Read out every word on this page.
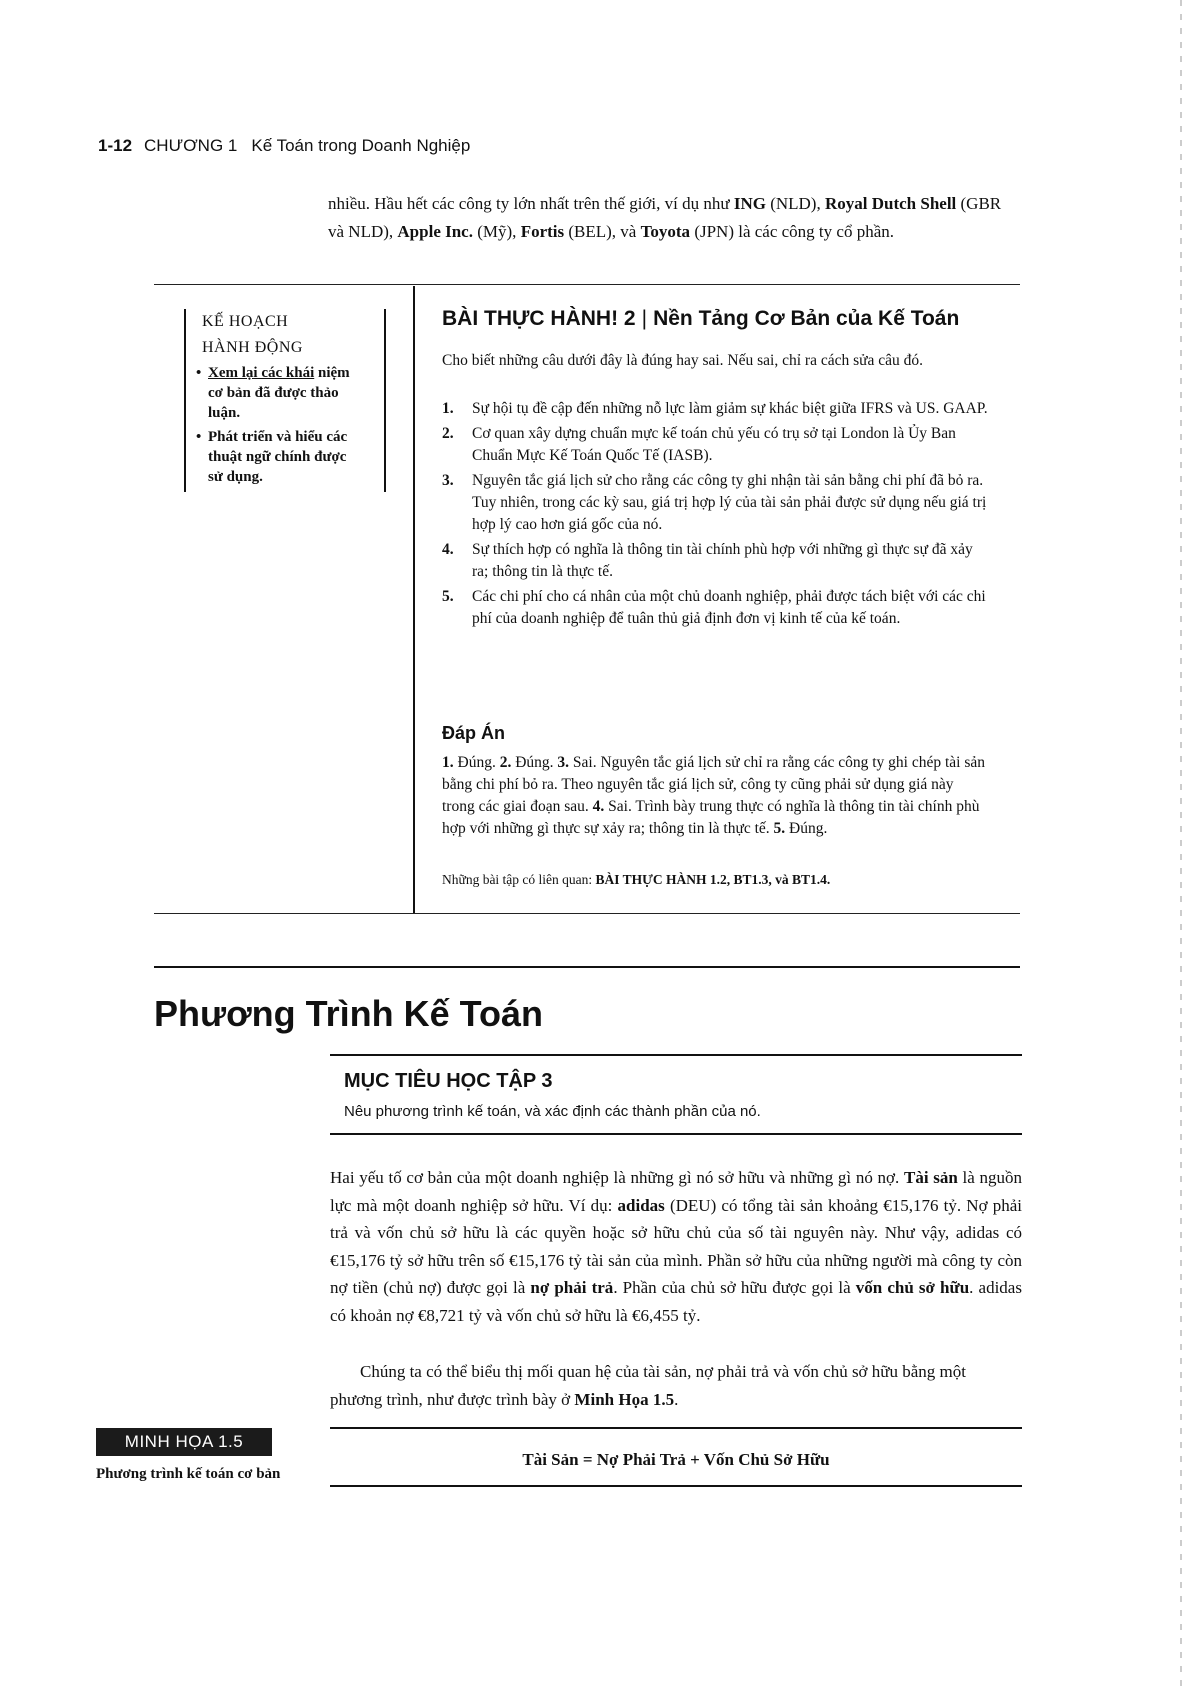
1-12 CHƯƠNG 1 Kế Toán trong Doanh Nghiệp

nhiều. Hầu hết các công ty lớn nhất trên thế giới, ví dụ như ING (NLD), Royal Dutch Shell (GBR và NLD), Apple Inc. (Mỹ), Fortis (BEL), và Toyota (JPN) là các công ty cổ phần.

KẾ HOẠCH HÀNH ĐỘNG
• Xem lại các khái niệm cơ bản đã được thảo luận.
• Phát triển và hiểu các thuật ngữ chính được sử dụng.
BÀI THỰC HÀNH! 2 | Nền Tảng Cơ Bản của Kế Toán
Cho biết những câu dưới đây là đúng hay sai. Nếu sai, chỉ ra cách sửa câu đó.
1. Sự hội tụ đề cập đến những nỗ lực làm giảm sự khác biệt giữa IFRS và US. GAAP.
2. Cơ quan xây dựng chuẩn mực kế toán chủ yếu có trụ sở tại London là Ủy Ban Chuẩn Mực Kế Toán Quốc Tế (IASB).
3. Nguyên tắc giá lịch sử cho rằng các công ty ghi nhận tài sản bằng chi phí đã bỏ ra. Tuy nhiên, trong các kỳ sau, giá trị hợp lý của tài sản phải được sử dụng nếu giá trị hợp lý cao hơn giá gốc của nó.
4. Sự thích hợp có nghĩa là thông tin tài chính phù hợp với những gì thực sự đã xảy ra; thông tin là thực tế.
5. Các chi phí cho cá nhân của một chủ doanh nghiệp, phải được tách biệt với các chi phí của doanh nghiệp để tuân thủ giả định đơn vị kinh tế của kế toán.
Đáp Án

1. Đúng. 2. Đúng. 3. Sai. Nguyên tắc giá lịch sử chỉ ra rằng các công ty ghi chép tài sản bằng chi phí bỏ ra. Theo nguyên tắc giá lịch sử, công ty cũng phải sử dụng giá này trong các giai đoạn sau. 4. Sai. Trình bày trung thực có nghĩa là thông tin tài chính phù hợp với những gì thực sự xảy ra; thông tin là thực tế. 5. Đúng.

Những bài tập có liên quan: BÀI THỰC HÀNH 1.2, BT1.3, và BT1.4.
Phương Trình Kế Toán
MỤC TIÊU HỌC TẬP 3
Nêu phương trình kế toán, và xác định các thành phần của nó.

Hai yếu tố cơ bản của một doanh nghiệp là những gì nó sở hữu và những gì nó nợ. Tài sản là nguồn lực mà một doanh nghiệp sở hữu. Ví dụ: adidas (DEU) có tổng tài sản khoảng €15,176 tỷ. Nợ phải trả và vốn chủ sở hữu là các quyền hoặc sở hữu chủ của số tài nguyên này. Như vậy, adidas có €15,176 tỷ sở hữu trên số €15,176 tỷ tài sản của mình. Phần sở hữu của những người mà công ty còn nợ tiền (chủ nợ) được gọi là nợ phải trả. Phần của chủ sở hữu được gọi là vốn chủ sở hữu. adidas có khoản nợ €8,721 tỷ và vốn chủ sở hữu là €6,455 tỷ.

Chúng ta có thể biểu thị mối quan hệ của tài sản, nợ phải trả và vốn chủ sở hữu bằng một phương trình, như được trình bày ở Minh Họa 1.5.

MINH HỌA 1.5
Phương trình kế toán cơ bản
Tài Sản = Nợ Phải Trả + Vốn Chủ Sở Hữu
